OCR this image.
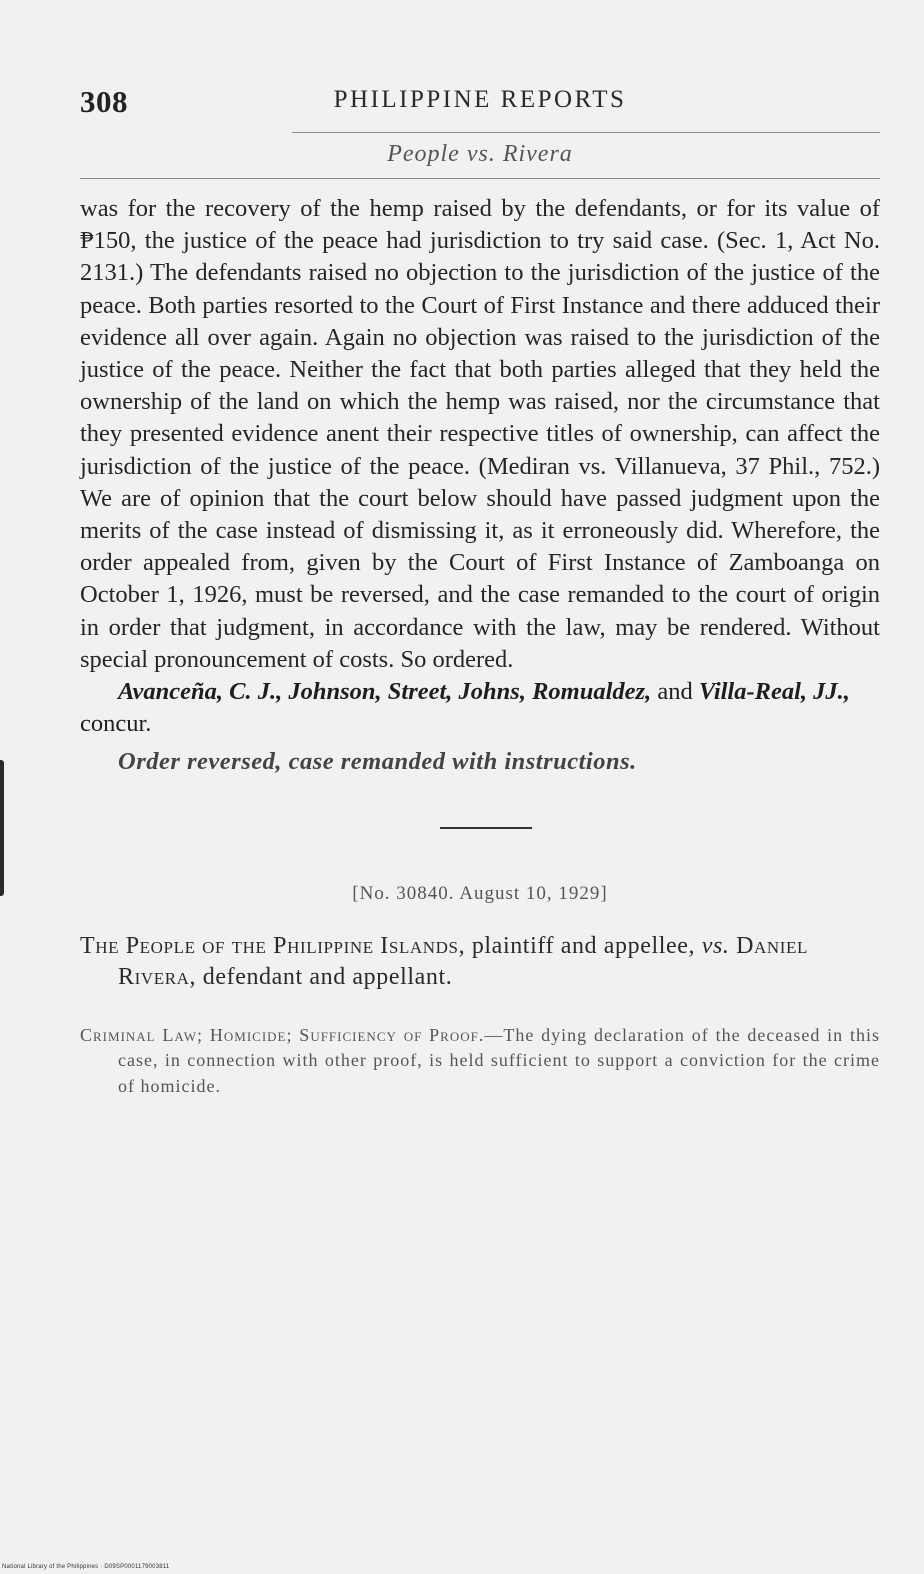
308	PHILIPPINE REPORTS
People vs. Rivera

was for the recovery of the hemp raised by the defendants, or for its value of ₱150, the justice of the peace had jurisdiction to try said case. (Sec. 1, Act No. 2131.) The defendants raised no objection to the jurisdiction of the justice of the peace. Both parties resorted to the Court of First Instance and there adduced their evidence all over again. Again no objection was raised to the jurisdiction of the justice of the peace. Neither the fact that both parties alleged that they held the ownership of the land on which the hemp was raised, nor the circumstance that they presented evidence anent their respective titles of ownership, can affect the jurisdiction of the justice of the peace. (Mediran vs. Villanueva, 37 Phil., 752.) We are of opinion that the court below should have passed judgment upon the merits of the case instead of dismissing it, as it erroneously did. Wherefore, the order appealed from, given by the Court of First Instance of Zamboanga on October 1, 1926, must be reversed, and the case remanded to the court of origin in order that judgment, in accordance with the law, may be rendered. Without special pronouncement of costs. So ordered.

Avanceña, C. J., Johnson, Street, Johns, Romualdez, and Villa-Real, JJ., concur.

Order reversed, case remanded with instructions.

[No. 30840. August 10, 1929]

The People of the Philippine Islands, plaintiff and appellee, vs. Daniel Rivera, defendant and appellant.

Criminal Law; Homicide; Sufficiency of Proof.—The dying declaration of the deceased in this case, in connection with other proof, is held sufficient to support a conviction for the crime of homicide.

National Library of the Philippines · D09SP0001179003811
